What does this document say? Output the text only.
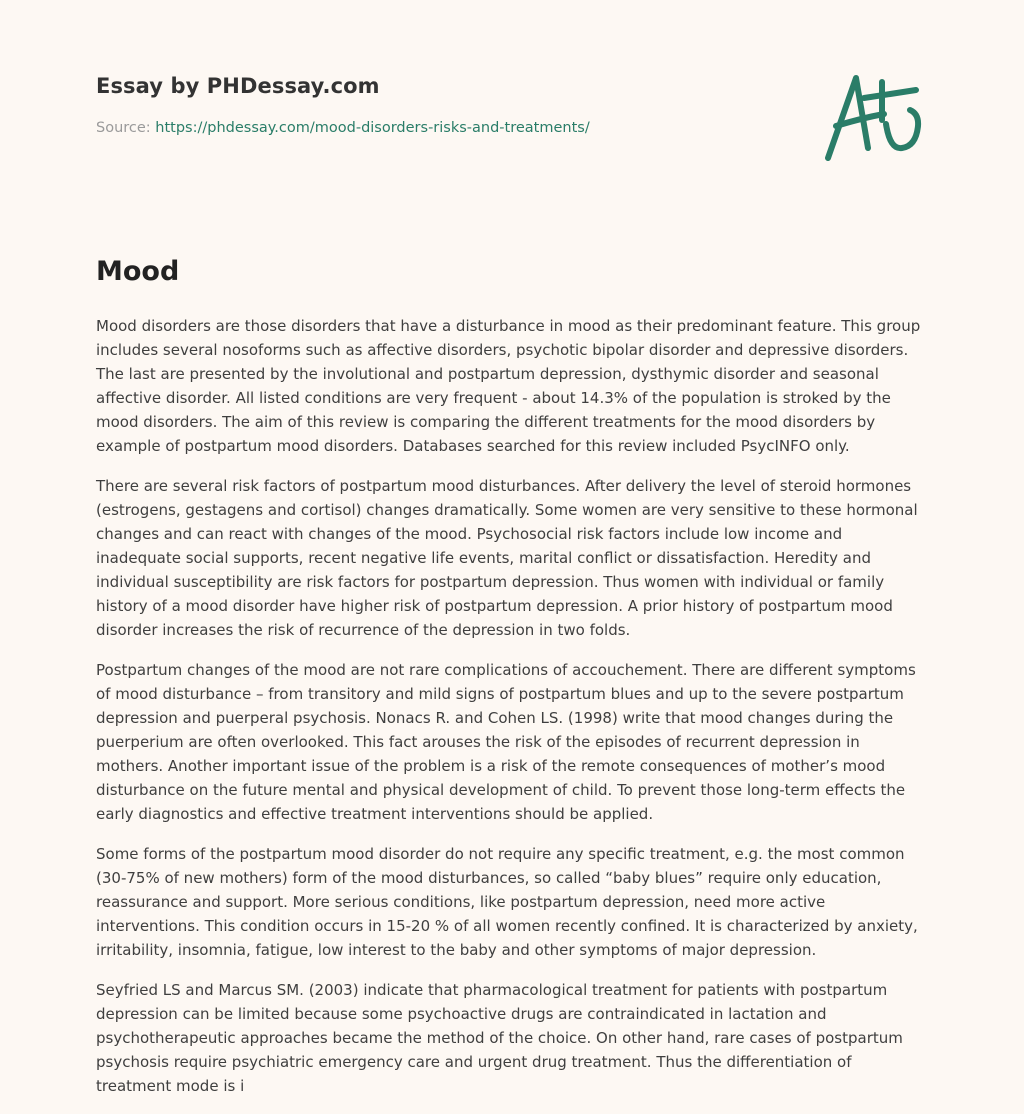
Essay by PHDessay.com
Source: https://phdessay.com/mood-disorders-risks-and-treatments/
Mood

Mood disorders are those disorders that have a disturbance in mood as their predominant feature. This group includes several nosoforms such as affective disorders, psychotic bipolar disorder and depressive disorders. The last are presented by the involutional and postpartum depression, dysthymic disorder and seasonal affective disorder. All listed conditions are very frequent - about 14.3% of the population is stroked by the mood disorders. The aim of this review is comparing the different treatments for the mood disorders by example of postpartum mood disorders. Databases searched for this review included PsycINFO only.

There are several risk factors of postpartum mood disturbances. After delivery the level of steroid hormones (estrogens, gestagens and cortisol) changes dramatically. Some women are very sensitive to these hormonal changes and can react with changes of the mood. Psychosocial risk factors include low income and inadequate social supports, recent negative life events, marital conflict or dissatisfaction. Heredity and individual susceptibility are risk factors for postpartum depression. Thus women with individual or family history of a mood disorder have higher risk of postpartum depression. A prior history of postpartum mood disorder increases the risk of recurrence of the depression in two folds.

Postpartum changes of the mood are not rare complications of accouchement. There are different symptoms of mood disturbance – from transitory and mild signs of postpartum blues and up to the severe postpartum depression and puerperal psychosis. Nonacs R. and Cohen LS. (1998) write that mood changes during the puerperium are often overlooked. This fact arouses the risk of the episodes of recurrent depression in mothers. Another important issue of the problem is a risk of the remote consequences of mother’s mood disturbance on the future mental and physical development of child. To prevent those long-term effects the early diagnostics and effective treatment interventions should be applied.

Some forms of the postpartum mood disorder do not require any specific treatment, e.g. the most common (30-75% of new mothers) form of the mood disturbances, so called “baby blues” require only education, reassurance and support. More serious conditions, like postpartum depression, need more active interventions. This condition occurs in 15-20 % of all women recently confined. It is characterized by anxiety, irritability, insomnia, fatigue, low interest to the baby and other symptoms of major depression.

Seyfried LS and Marcus SM. (2003) indicate that pharmacological treatment for patients with postpartum depression can be limited because some psychoactive drugs are contraindicated in lactation and psychotherapeutic approaches became the method of the choice. On other hand, rare cases of postpartum psychosis require psychiatric emergency care and urgent drug treatment. Thus the differentiation of treatment mode is i
